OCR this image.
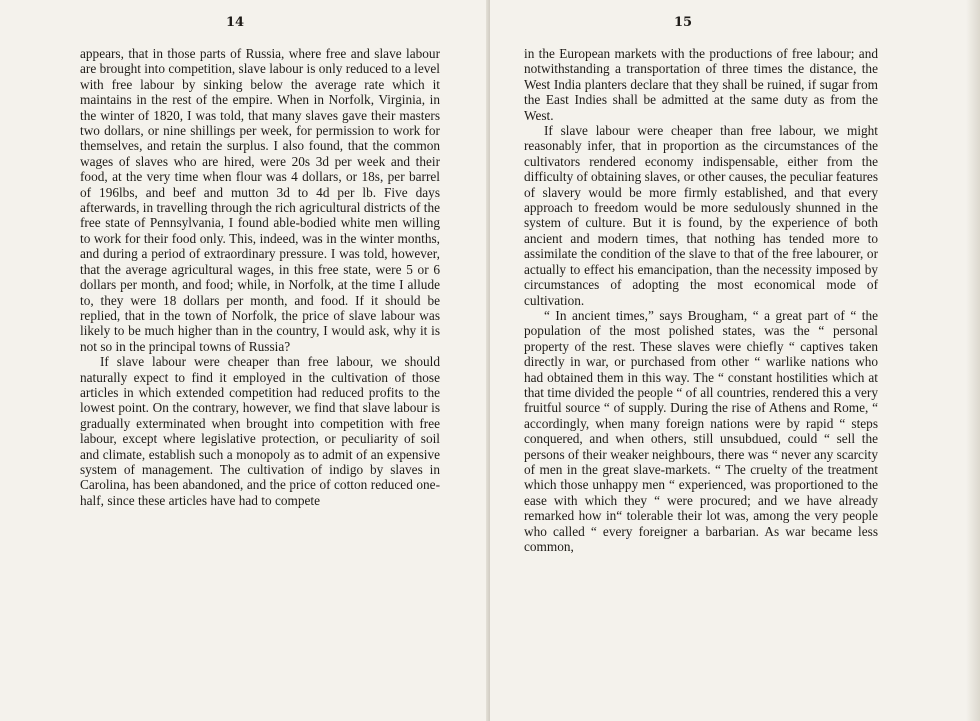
14

appears, that in those parts of Russia, where free and slave labour are brought into competition, slave labour is only reduced to a level with free labour by sinking below the average rate which it maintains in the rest of the empire. When in Norfolk, Virginia, in the winter of 1820, I was told, that many slaves gave their masters two dollars, or nine shillings per week, for permission to work for themselves, and retain the surplus. I also found, that the common wages of slaves who are hired, were 20s 3d per week and their food, at the very time when flour was 4 dollars, or 18s, per barrel of 196lbs, and beef and mutton 3d to 4d per lb. Five days afterwards, in travelling through the rich agricultural districts of the free state of Pennsylvania, I found able-bodied white men willing to work for their food only. This, indeed, was in the winter months, and during a period of extraordinary pressure. I was told, however, that the average agricultural wages, in this free state, were 5 or 6 dollars per month, and food; while, in Norfolk, at the time I allude to, they were 18 dollars per month, and food. If it should be replied, that in the town of Norfolk, the price of slave labour was likely to be much higher than in the country, I would ask, why it is not so in the principal towns of Russia?

If slave labour were cheaper than free labour, we should naturally expect to find it employed in the cultivation of those articles in which extended competition had reduced profits to the lowest point. On the contrary, however, we find that slave labour is gradually exterminated when brought into competition with free labour, except where legislative protection, or peculiarity of soil and climate, establish such a monopoly as to admit of an expensive system of management. The cultivation of indigo by slaves in Carolina, has been abandoned, and the price of cotton reduced one-half, since these articles have had to compete

15

in the European markets with the productions of free labour; and notwithstanding a transportation of three times the distance, the West India planters declare that they shall be ruined, if sugar from the East Indies shall be admitted at the same duty as from the West.

If slave labour were cheaper than free labour, we might reasonably infer, that in proportion as the circumstances of the cultivators rendered economy indispensable, either from the difficulty of obtaining slaves, or other causes, the peculiar features of slavery would be more firmly established, and that every approach to freedom would be more sedulously shunned in the system of culture. But it is found, by the experience of both ancient and modern times, that nothing has tended more to assimilate the condition of the slave to that of the free labourer, or actually to effect his emancipation, than the necessity imposed by circumstances of adopting the most economical mode of cultivation.

“ In ancient times,” says Brougham, “ a great part of “ the population of the most polished states, was the “ personal property of the rest. These slaves were chiefly “ captives taken directly in war, or purchased from other “ warlike nations who had obtained them in this way. The “ constant hostilities which at that time divided the people “ of all countries, rendered this a very fruitful source “ of supply. During the rise of Athens and Rome, “ accordingly, when many foreign nations were by rapid “ steps conquered, and when others, still unsubdued, could “ sell the persons of their weaker neighbours, there was “ never any scarcity of men in the great slave-markets. “ The cruelty of the treatment which those unhappy men “ experienced, was proportioned to the ease with which they “ were procured; and we have already remarked how in“ tolerable their lot was, among the very people who called “ every foreigner a barbarian. As war became less common,
